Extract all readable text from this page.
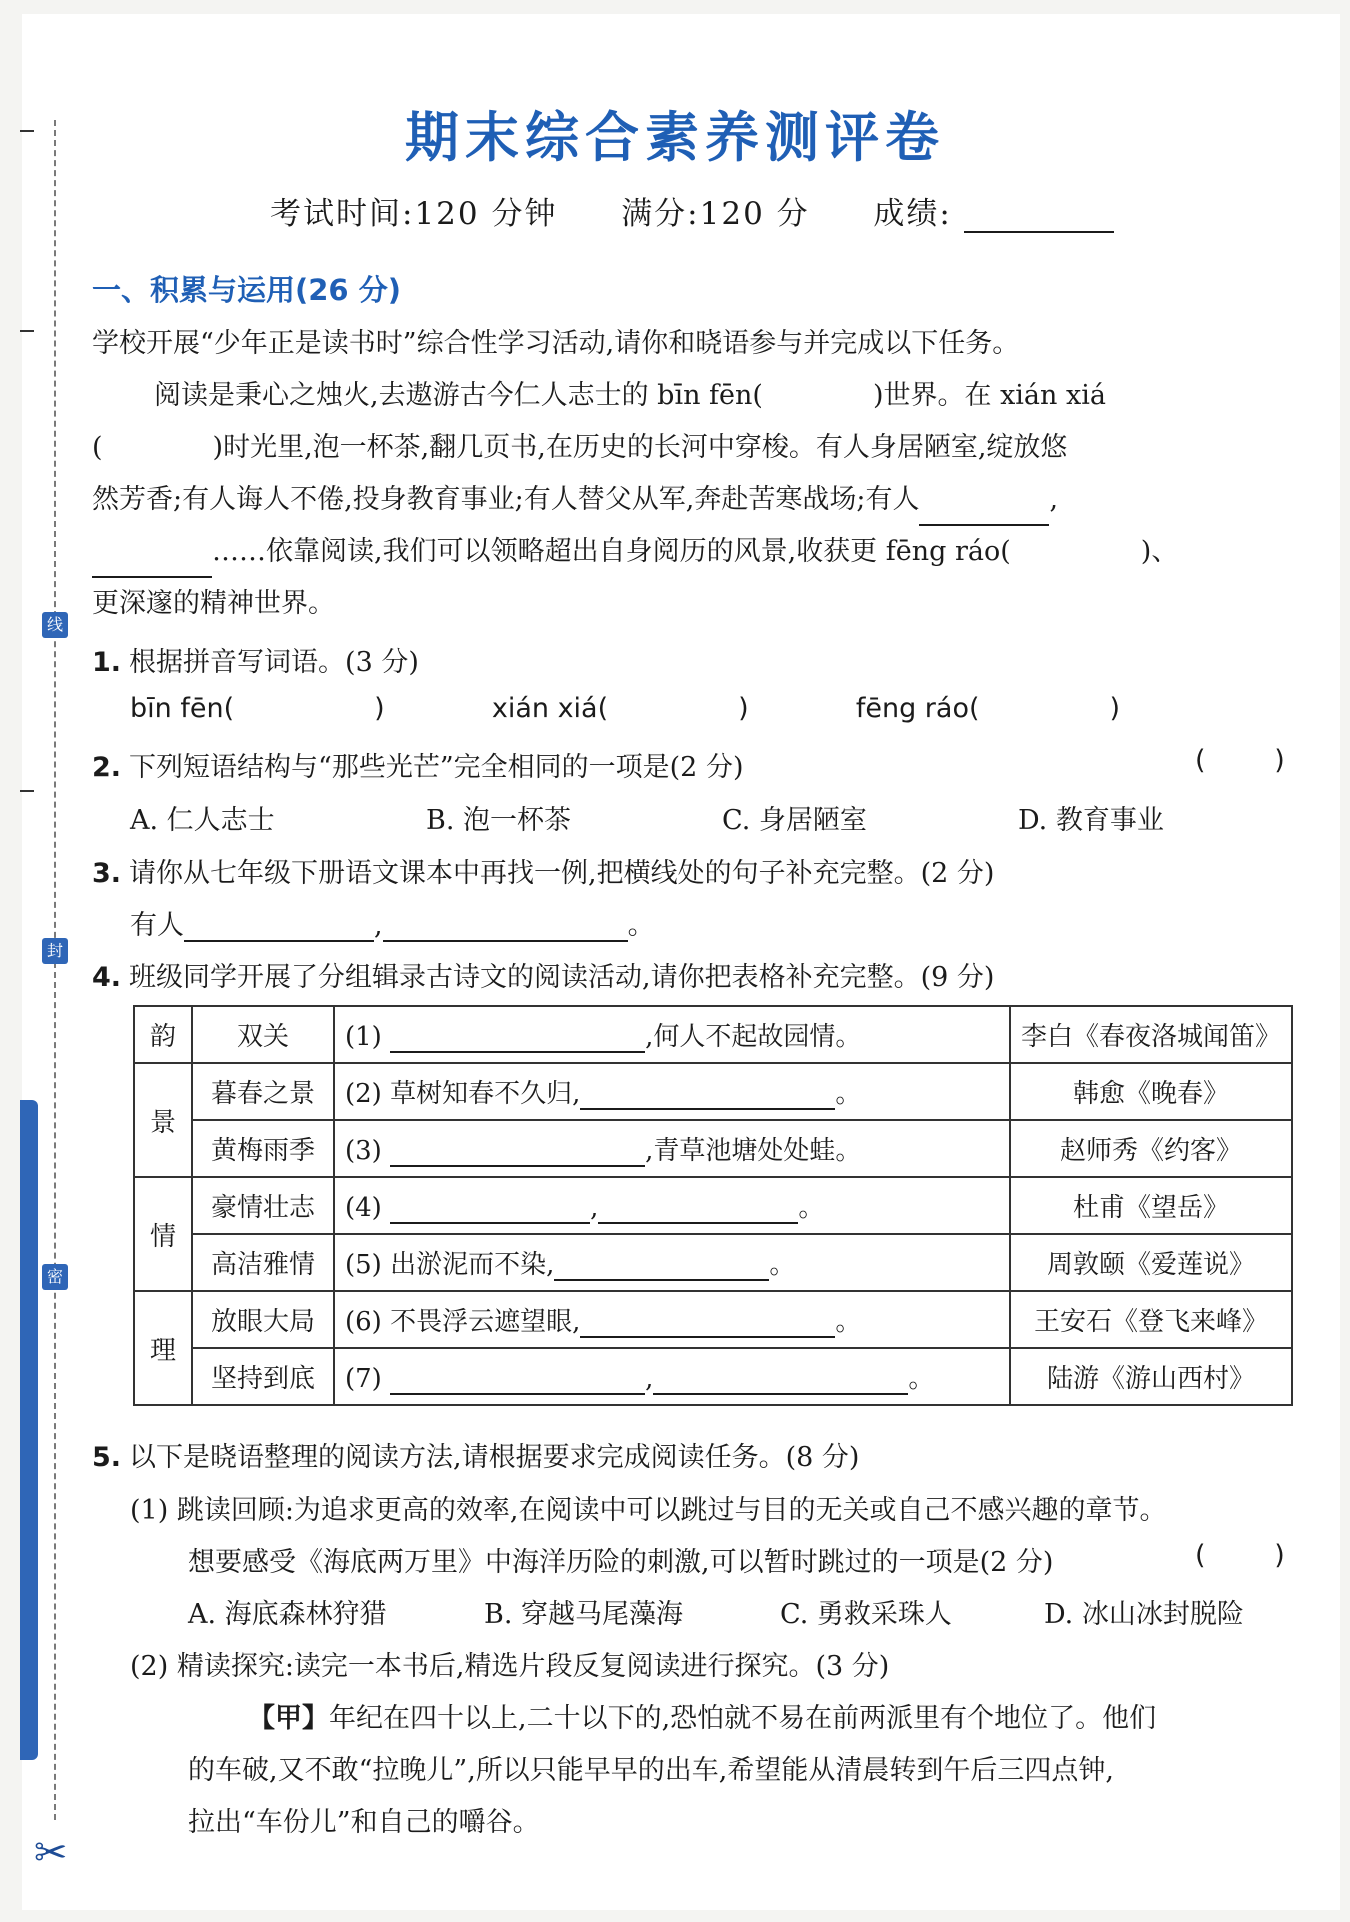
线
封
密
✂
期末综合素养测评卷
考试时间:120 分钟 满分:120 分 成绩:
一、积累与运用(26 分)
学校开展“少年正是读书时”综合性学习活动,请你和晓语参与并完成以下任务。
阅读是秉心之烛火,去遨游古今仁人志士的 bīn fēn(	)世界。在 xián xiá
(	)时光里,泡一杯茶,翻几页书,在历史的长河中穿梭。有人身居陋室,绽放悠
然芳香;有人诲人不倦,投身教育事业;有人替父从军,奔赴苦寒战场;有人	,
……依靠阅读,我们可以领略超出自身阅历的风景,收获更 fēng ráo(	)、
更深邃的精神世界。
1. 根据拼音写词语。(3 分)
bīn fēn(	)	xián xiá(	)	fēng ráo(	)
2. 下列短语结构与“那些光芒”完全相同的一项是(2 分)	(        )
A. 仁人志士	B. 泡一杯茶	C. 身居陋室	D. 教育事业
3. 请你从七年级下册语文课本中再找一例,把横线处的句子补充完整。(2 分)
有人	,	。
4. 班级同学开展了分组辑录古诗文的阅读活动,请你把表格补充完整。(9 分)
韵	双关	(1) ,何人不起故园情。	李白《春夜洛城闻笛》
景	暮春之景	(2) 草树知春不久归, 。	韩愈《晚春》
	黄梅雨季	(3) ,青草池塘处处蛙。	赵师秀《约客》
情	豪情壮志	(4) , 。	杜甫《望岳》
	高洁雅情	(5) 出淤泥而不染, 。	周敦颐《爱莲说》
理	放眼大局	(6) 不畏浮云遮望眼, 。	王安石《登飞来峰》
	坚持到底	(7) , 。	陆游《游山西村》
5. 以下是晓语整理的阅读方法,请根据要求完成阅读任务。(8 分)
(1) 跳读回顾:为追求更高的效率,在阅读中可以跳过与目的无关或自己不感兴趣的章节。
想要感受《海底两万里》中海洋历险的刺激,可以暂时跳过的一项是(2 分)	(        )
A. 海底森林狩猎	B. 穿越马尾藻海	C. 勇救采珠人	D. 冰山冰封脱险
(2) 精读探究:读完一本书后,精选片段反复阅读进行探究。(3 分)
【甲】年纪在四十以上,二十以下的,恐怕就不易在前两派里有个地位了。他们
的车破,又不敢“拉晚儿”,所以只能早早的出车,希望能从清晨转到午后三四点钟,
拉出“车份儿”和自己的嚼谷。
